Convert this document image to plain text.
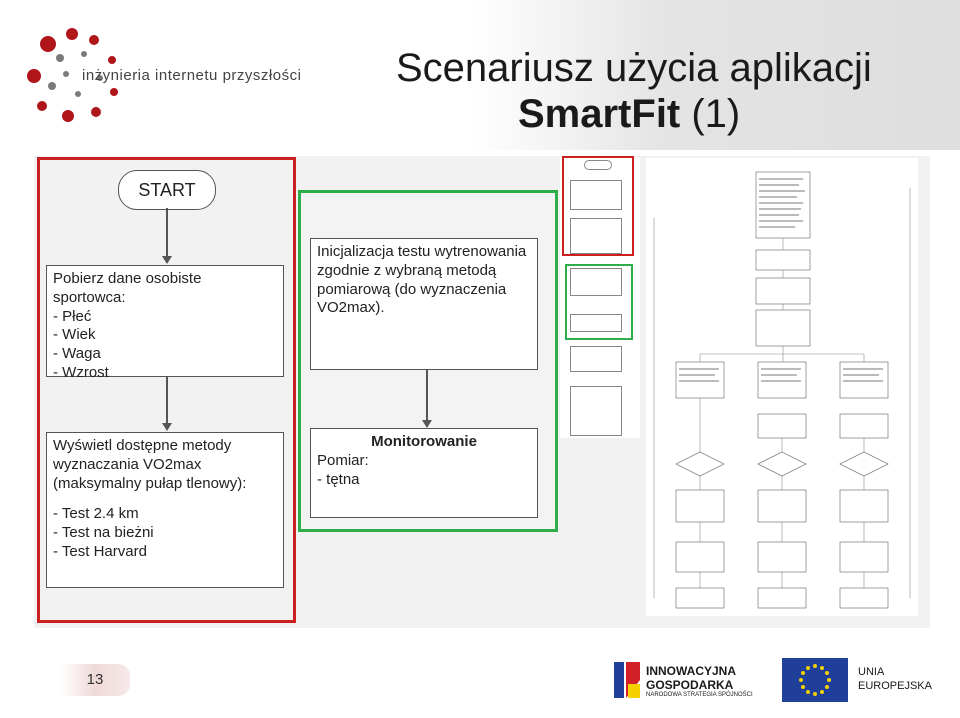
inżynieria internetu przyszłości Scenariusz użycia aplikacji
SmartFit (1)
START
Pobierz dane osobiste sportowca:
- Płeć
- Wiek
- Waga
- Wzrost
Wyświetl dostępne metody
wyznaczania VO2max
(maksymalny pułap tlenowy):
- Test 2.4 km
- Test na bieżni
- Test Harvard
Inicjalizacja testu wytrenowania
zgodnie z wybraną metodą
pomiarową (do wyznaczenia
VO2max).
Monitorowanie
Pomiar:
- tętna
13	INNOWACYJNA
GOSPODARKA
NARODOWA STRATEGIA SPÓJNOŚCI
UNIA
EUROPEJSKA
